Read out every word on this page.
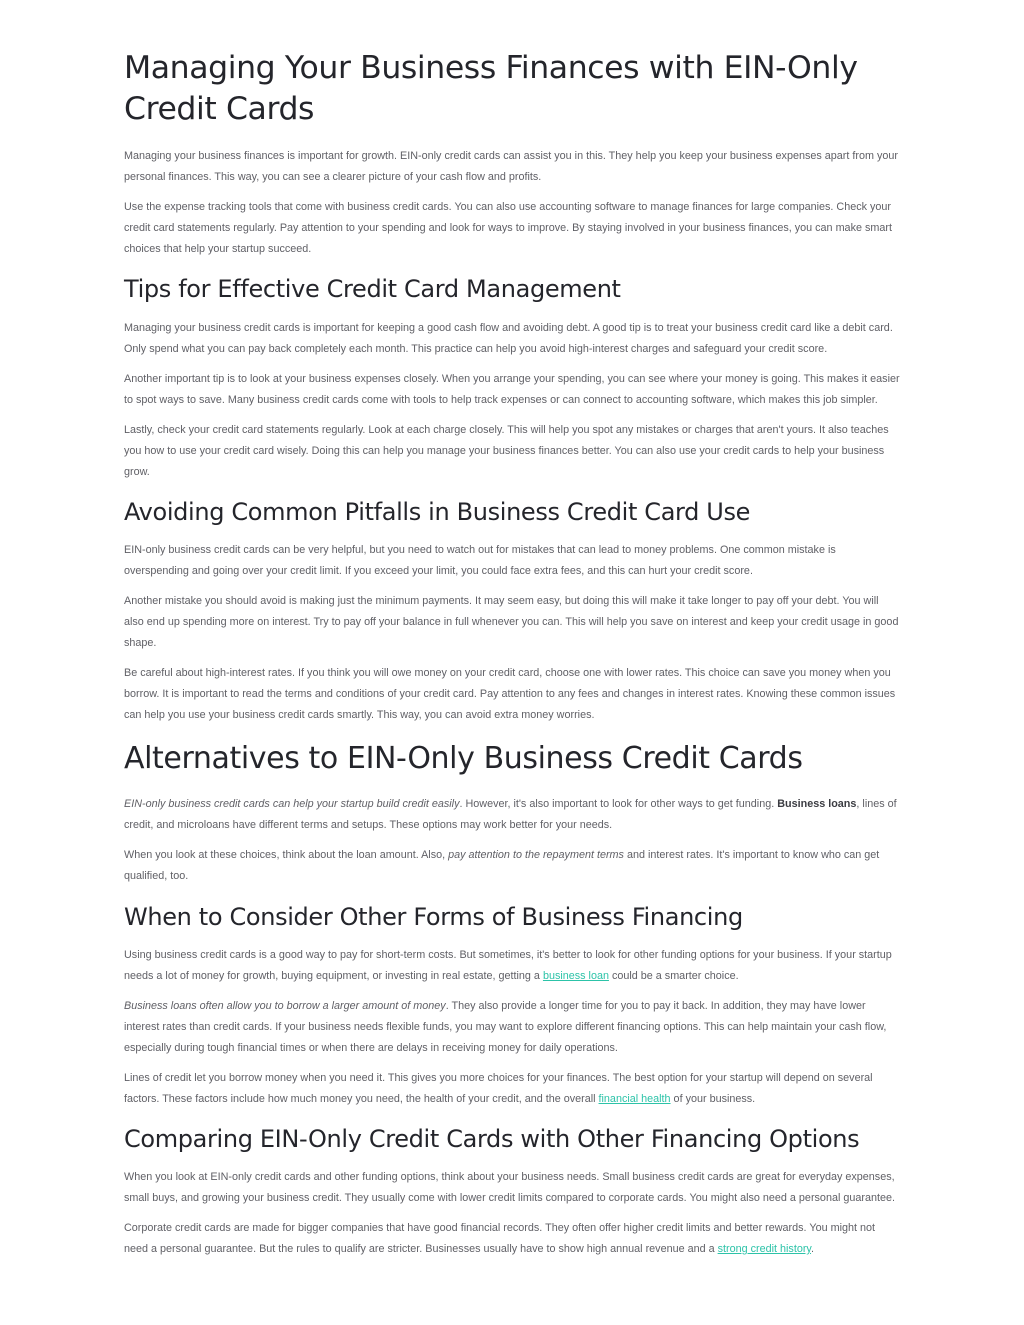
Managing Your Business Finances with EIN-Only Credit Cards

Managing your business finances is important for growth. EIN-only credit cards can assist you in this. They help you keep your business expenses apart from your personal finances. This way, you can see a clearer picture of your cash flow and profits.

Use the expense tracking tools that come with business credit cards. You can also use accounting software to manage finances for large companies. Check your credit card statements regularly. Pay attention to your spending and look for ways to improve. By staying involved in your business finances, you can make smart choices that help your startup succeed.

Tips for Effective Credit Card Management

Managing your business credit cards is important for keeping a good cash flow and avoiding debt. A good tip is to treat your business credit card like a debit card. Only spend what you can pay back completely each month. This practice can help you avoid high-interest charges and safeguard your credit score.

Another important tip is to look at your business expenses closely. When you arrange your spending, you can see where your money is going. This makes it easier to spot ways to save. Many business credit cards come with tools to help track expenses or can connect to accounting software, which makes this job simpler.

Lastly, check your credit card statements regularly. Look at each charge closely. This will help you spot any mistakes or charges that aren't yours. It also teaches you how to use your credit card wisely. Doing this can help you manage your business finances better. You can also use your credit cards to help your business grow.

Avoiding Common Pitfalls in Business Credit Card Use

EIN-only business credit cards can be very helpful, but you need to watch out for mistakes that can lead to money problems. One common mistake is overspending and going over your credit limit. If you exceed your limit, you could face extra fees, and this can hurt your credit score.

Another mistake you should avoid is making just the minimum payments. It may seem easy, but doing this will make it take longer to pay off your debt. You will also end up spending more on interest. Try to pay off your balance in full whenever you can. This will help you save on interest and keep your credit usage in good shape.

Be careful about high-interest rates. If you think you will owe money on your credit card, choose one with lower rates. This choice can save you money when you borrow. It is important to read the terms and conditions of your credit card. Pay attention to any fees and changes in interest rates. Knowing these common issues can help you use your business credit cards smartly. This way, you can avoid extra money worries.

Alternatives to EIN-Only Business Credit Cards

EIN-only business credit cards can help your startup build credit easily. However, it's also important to look for other ways to get funding. Business loans, lines of credit, and microloans have different terms and setups. These options may work better for your needs.

When you look at these choices, think about the loan amount. Also, pay attention to the repayment terms and interest rates. It's important to know who can get qualified, too.

When to Consider Other Forms of Business Financing

Using business credit cards is a good way to pay for short-term costs. But sometimes, it's better to look for other funding options for your business. If your startup needs a lot of money for growth, buying equipment, or investing in real estate, getting a business loan could be a smarter choice.

Business loans often allow you to borrow a larger amount of money. They also provide a longer time for you to pay it back. In addition, they may have lower interest rates than credit cards. If your business needs flexible funds, you may want to explore different financing options. This can help maintain your cash flow, especially during tough financial times or when there are delays in receiving money for daily operations.

Lines of credit let you borrow money when you need it. This gives you more choices for your finances. The best option for your startup will depend on several factors. These factors include how much money you need, the health of your credit, and the overall financial health of your business.

Comparing EIN-Only Credit Cards with Other Financing Options

When you look at EIN-only credit cards and other funding options, think about your business needs. Small business credit cards are great for everyday expenses, small buys, and growing your business credit. They usually come with lower credit limits compared to corporate cards. You might also need a personal guarantee.

Corporate credit cards are made for bigger companies that have good financial records. They often offer higher credit limits and better rewards. You might not need a personal guarantee. But the rules to qualify are stricter. Businesses usually have to show high annual revenue and a strong credit history.
